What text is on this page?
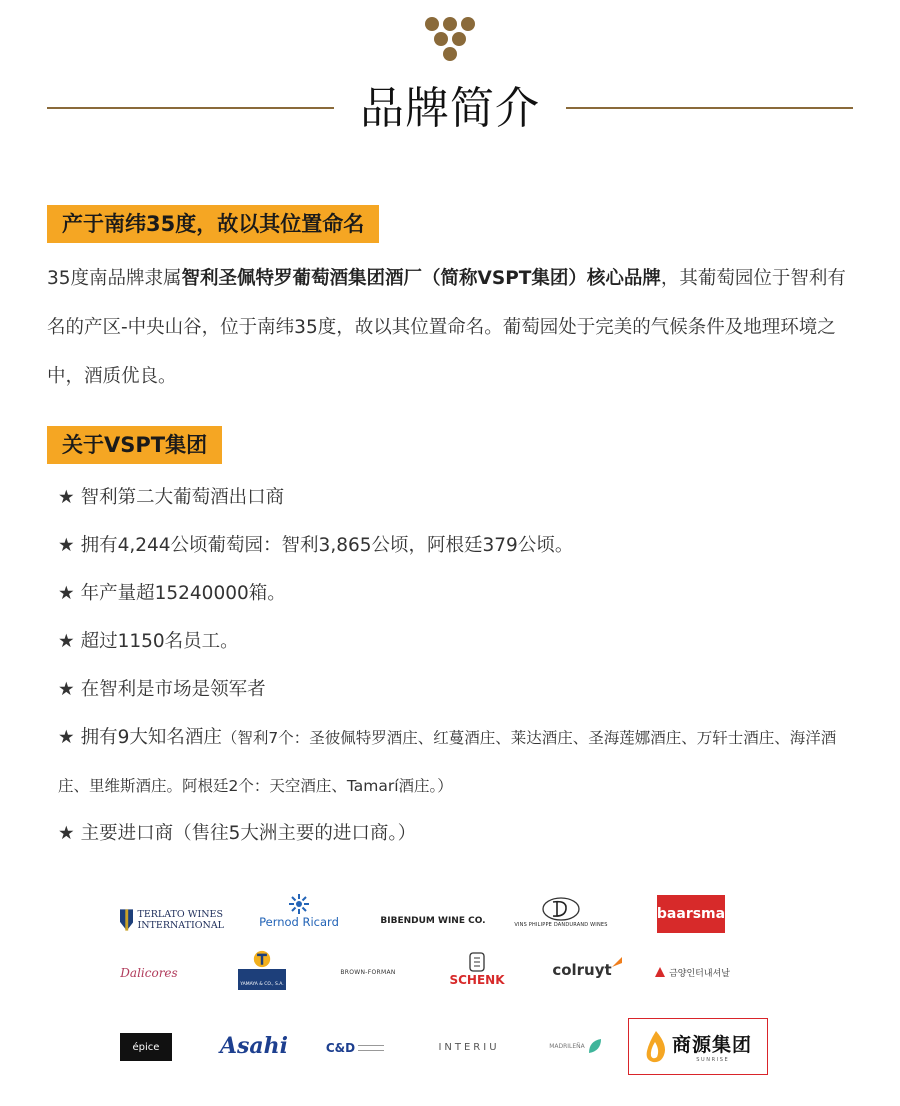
品牌简介
产于南纬35度，故以其位置命名
35度南品牌隶属智利圣佩特罗葡萄酒集团酒厂（简称VSPT集团）核心品牌，其葡萄园位于智利有名的产区-中央山谷，位于南纬35度，故以其位置命名。葡萄园处于完美的气候条件及地理环境之中，酒质优良。
关于VSPT集团
★ 智利第二大葡萄酒出口商
★ 拥有4,244公顷葡萄园：智利3,865公顷，阿根廷379公顷。
★ 年产量超15240000箱。
★ 超过1150名员工。
★ 在智利是市场是领军者
★ 拥有9大知名酒庄（智利7个：圣彼佩特罗酒庄、红蔓酒庄、莱达酒庄、圣海莲娜酒庄、万轩士酒庄、海洋酒庄、里维斯酒庄。阿根廷2个：天空酒庄、Tamarí酒庄。）
★ 主要进口商（售往5大洲主要的进口商。）
TERLATO WINES
INTERNATIONAL	Pernod Ricard	BIBENDUM WINE CO.	VINS PHILIPPE DANDURAND WINES
baarsma
Dalicores
YAMAYA & CO., S.A.
BROWN-FORMAN
SCHENK
colruyt	금양인터내셔날
épice	Asahi	C&D	INTERIU	MADRILEÑA	商源集团
S U N R I S E
